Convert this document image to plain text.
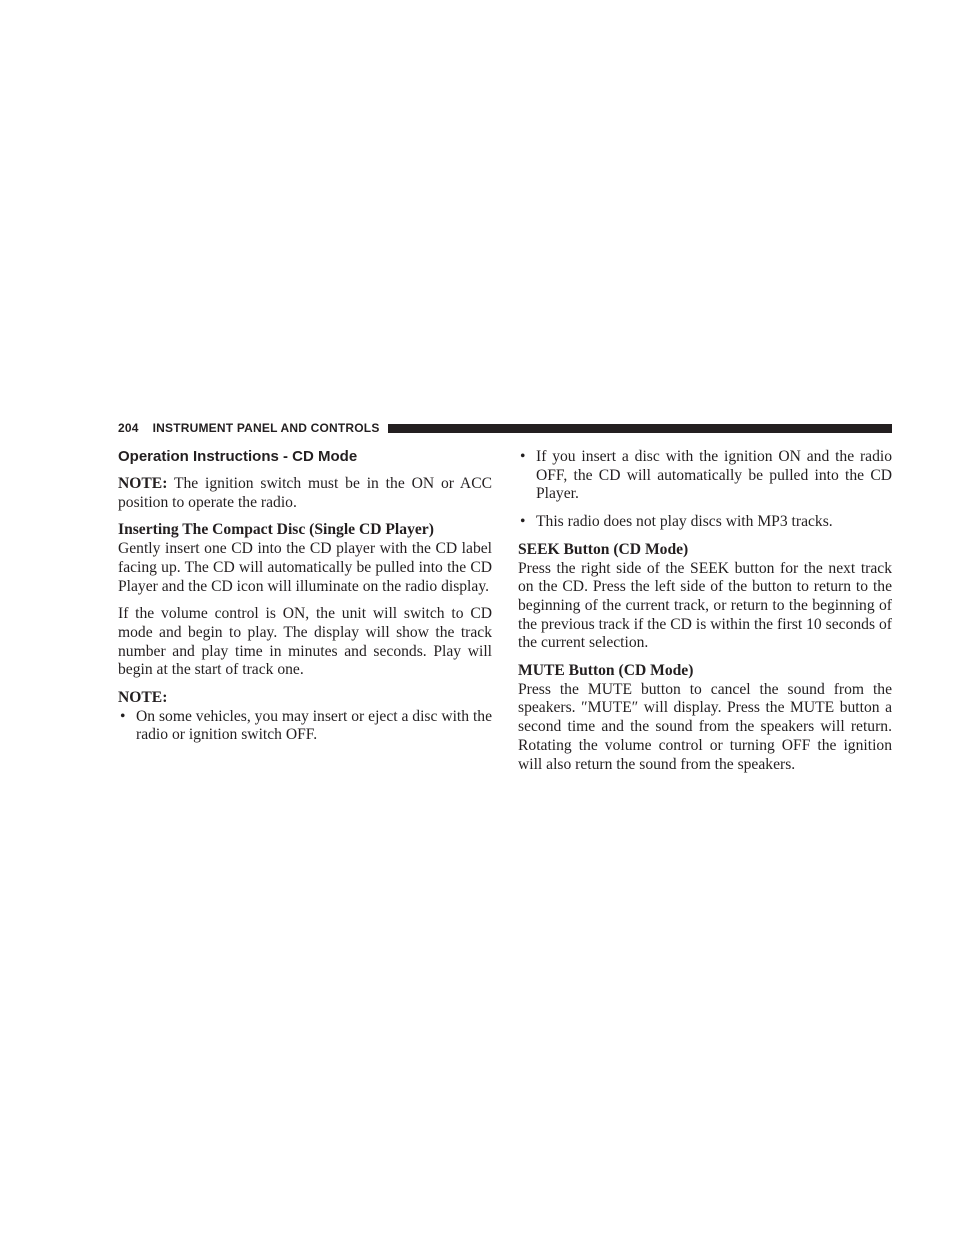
204 INSTRUMENT PANEL AND CONTROLS
Operation Instructions - CD Mode

NOTE: The ignition switch must be in the ON or ACC position to operate the radio.

Inserting The Compact Disc (Single CD Player)

Gently insert one CD into the CD player with the CD label facing up. The CD will automatically be pulled into the CD Player and the CD icon will illuminate on the radio display.

If the volume control is ON, the unit will switch to CD mode and begin to play. The display will show the track number and play time in minutes and seconds. Play will begin at the start of track one.

NOTE:
• On some vehicles, you may insert or eject a disc with the radio or ignition switch OFF.
• If you insert a disc with the ignition ON and the radio OFF, the CD will automatically be pulled into the CD Player.
• This radio does not play discs with MP3 tracks.
SEEK Button (CD Mode)

Press the right side of the SEEK button for the next track on the CD. Press the left side of the button to return to the beginning of the current track, or return to the beginning of the previous track if the CD is within the first 10 seconds of the current selection.

MUTE Button (CD Mode)

Press the MUTE button to cancel the sound from the speakers. ″MUTE″ will display. Press the MUTE button a second time and the sound from the speakers will return. Rotating the volume control or turning OFF the ignition will also return the sound from the speakers.
